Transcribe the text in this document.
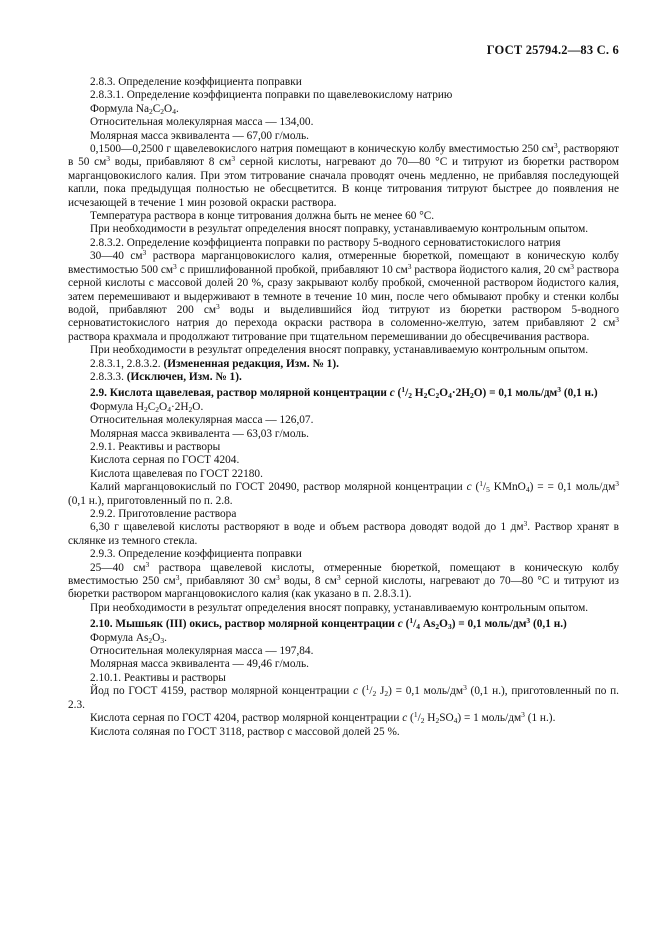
ГОСТ 25794.2—83 С. 6

2.8.3. Определение коэффициента поправки

2.8.3.1. Определение коэффициента поправки по щавелевокислому натрию

Формула $Na_2C_2O_4$.

Относительная молекулярная масса — 134,00.

Молярная масса эквивалента — 67,00 г/моль.

0,1500—0,2500 г щавелевокислого натрия помещают в коническую колбу вместимостью 250 $см^3$, растворяют в 50 $см^3$ воды, прибавляют 8 $см^3$ серной кислоты, нагревают до 70—80 °С и титруют из бюретки раствором марганцовокислого калия. При этом титрование сначала проводят очень медленно, не прибавляя последующей капли, пока предыдущая полностью не обесцветится. В конце титрования титруют быстрее до появления не исчезающей в течение 1 мин розовой окраски раствора.

Температура раствора в конце титрования должна быть не менее 60 °С.

При необходимости в результат определения вносят поправку, устанавливаемую контрольным опытом.

2.8.3.2. Определение коэффициента поправки по раствору 5-водного серноватистокислого натрия

30—40 $см^3$ раствора марганцовокислого калия, отмеренные бюреткой, помещают в коническую колбу вместимостью 500 $см^3$ с пришлифованной пробкой, прибавляют 10 $см^3$ раствора йодистого калия, 20 $см^3$ раствора серной кислоты с массовой долей 20 %, сразу закрывают колбу пробкой, смоченной раствором йодистого калия, затем перемешивают и выдерживают в темноте в течение 10 мин, после чего обмывают пробку и стенки колбы водой, прибавляют 200 $см^3$ воды и выделившийся йод титруют из бюретки раствором 5-водного серноватистокислого натрия до перехода окраски раствора в соломенно-желтую, затем прибавляют 2 $см^3$ раствора крахмала и продолжают титрование при тщательном перемешивании до обесцвечивания раствора.

При необходимости в результат определения вносят поправку, устанавливаемую контрольным опытом.

2.8.3.1, 2.8.3.2. (Измененная редакция, Изм. № 1).

2.8.3.3. (Исключен, Изм. № 1).

2.9. Кислота щавелевая, раствор молярной концентрации с ($^1/_2$ $H_2C_2O_4\cdot 2H_2O) = 0,1$ моль/$дм^3$ (0,1 н.)

Формула $H_2C_2O_4\cdot 2H_2O$.

Относительная молекулярная масса — 126,07.

Молярная масса эквивалента — 63,03 г/моль.

2.9.1. Реактивы и растворы

Кислота серная по ГОСТ 4204.

Кислота щавелевая по ГОСТ 22180.

Калий марганцовокислый по ГОСТ 20490, раствор молярной концентрации с ($^1/_5$ KMnO$_4$) = = 0,1 моль/$дм^3$ (0,1 н.), приготовленный по п. 2.8.

2.9.2. Приготовление раствора

6,30 г щавелевой кислоты растворяют в воде и объем раствора доводят водой до 1 $дм^3$. Раствор хранят в склянке из темного стекла.

2.9.3. Определение коэффициента поправки

25—40 $см^3$ раствора щавелевой кислоты, отмеренные бюреткой, помещают в коническую колбу вместимостью 250 $см^3$, прибавляют 30 $см^3$ воды, 8 $см^3$ серной кислоты, нагревают до 70—80 °С и титруют из бюретки раствором марганцовокислого калия (как указано в п. 2.8.3.1).

При необходимости в результат определения вносят поправку, устанавливаемую контрольным опытом.

2.10. Мышьяк (III) окись, раствор молярной концентрации с ($^1/_4$ $As_2O_3) = 0,1$ моль/$дм^3$ (0,1 н.)

Формула $As_2O_3$.

Относительная молекулярная масса — 197,84.

Молярная масса эквивалента — 49,46 г/моль.

2.10.1. Реактивы и растворы

Йод по ГОСТ 4159, раствор молярной концентрации с ($^1/_2$ $J_2) = 0,1$ моль/$дм^3$ (0,1 н.), приготовленный по п. 2.3.

Кислота серная по ГОСТ 4204, раствор молярной концентрации с ($^1/_2$ $H_2SO_4) = 1$ моль/$дм^3$ (1 н.).

Кислота соляная по ГОСТ 3118, раствор с массовой долей 25 %.
